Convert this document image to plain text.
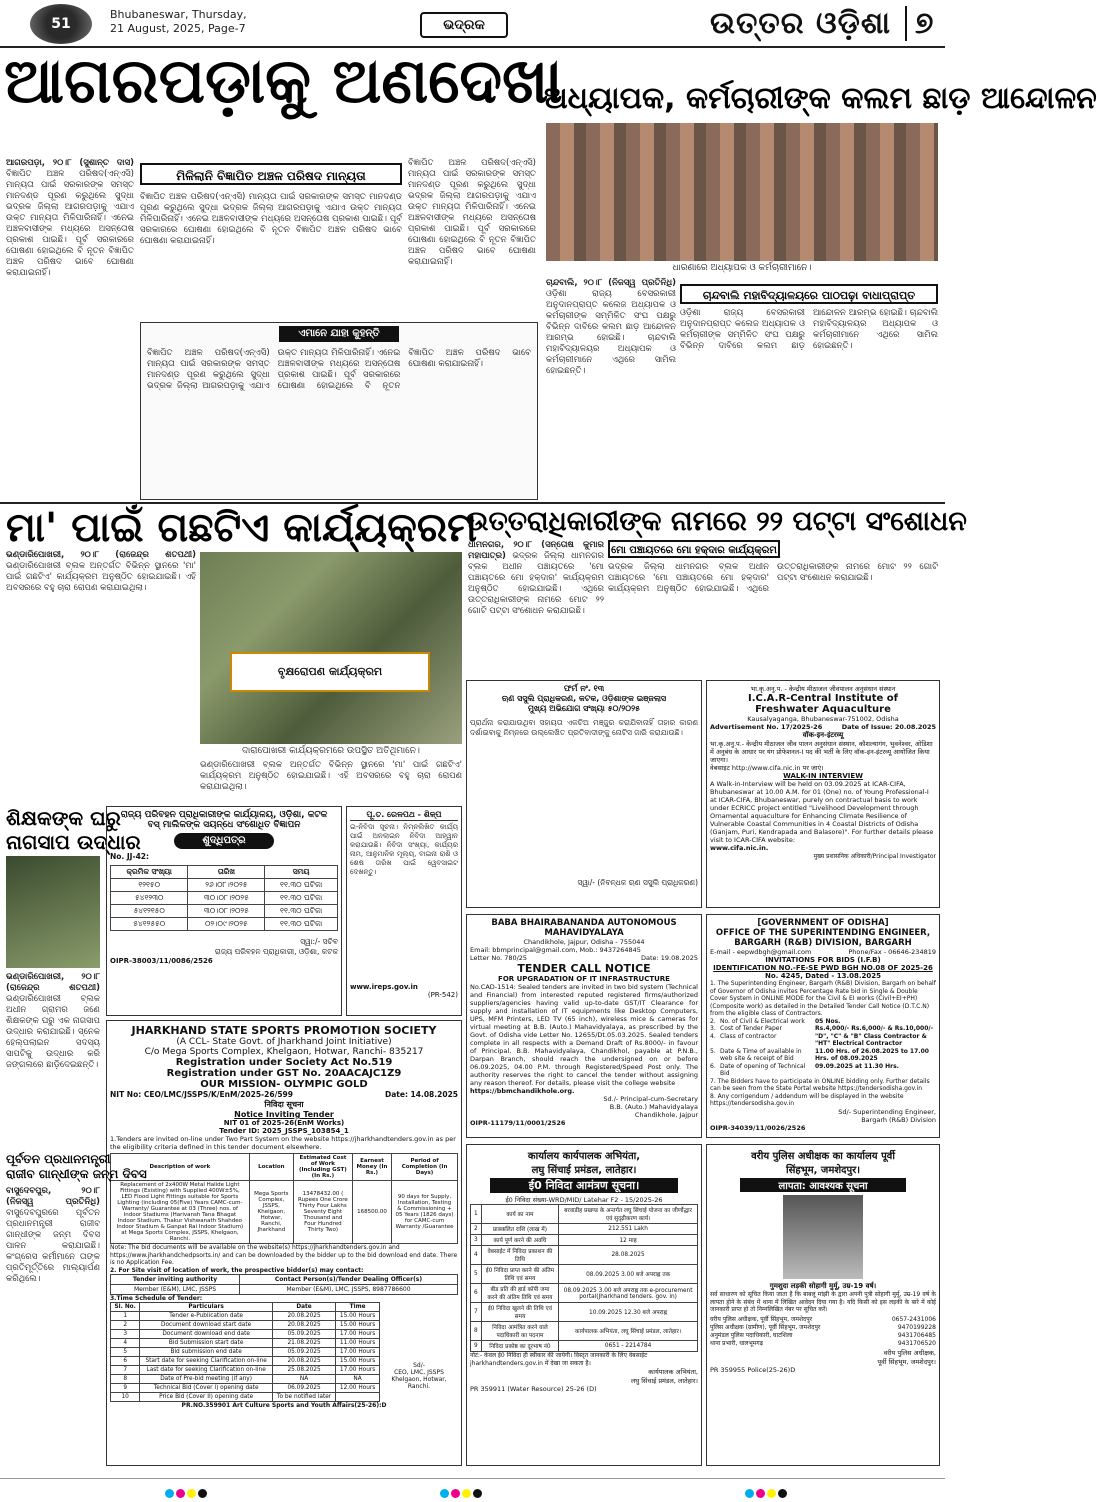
51
Bhubaneswar, Thursday,
21 August, 2025, Page-7	ଭଦ୍ରକ	ଉତ୍ତର ଓଡ଼ିଶା ୭
ବର୍ଷ
ଆଗରପଡ଼ାକୁ ଅଣଦେଖା
ଆଗରପଡ଼ା, ୨୦।୮ (ସୁଶାନ୍ତ ଦାସ) ବିଜ୍ଞାପିତ ଅଞ୍ଚଳ ପରିଷଦ(ଏନ୍‌ଏସି) ମାନ୍ୟତା ପାଇଁ ସରକାରଙ୍କ ସମସ୍ତ ମାନଦଣ୍ଡ ପୂରଣ କରୁଥିଲେ ସୁଦ୍ଧା ଭଦ୍ରକ ଜିଲ୍ଲା ଆଗରପଡ଼ାକୁ ଏଯାଏ ଉକ୍ତ ମାନ୍ୟତା ମିଳିପାରିନାହିଁ। ଏନେଇ ଅଞ୍ଚଳବାସୀଙ୍କ ମଧ୍ୟରେ ଅସନ୍ତୋଷ ପ୍ରକାଶ ପାଇଛି। ପୂର୍ବ ସରକାରରେ ଘୋଷଣା ହୋଇଥିଲେ ବି ନୂତନ ବିଜ୍ଞାପିତ ଅଞ୍ଚଳ ପରିଷଦ ଭାବେ ଘୋଷଣା କରାଯାଇନାହିଁ।
ମିଳିଲାନି ବିଜ୍ଞାପିତ ଅଞ୍ଚଳ ପରିଷଦ ମାନ୍ୟତା
ବିଜ୍ଞାପିତ ଅଞ୍ଚଳ ପରିଷଦ(ଏନ୍‌ଏସି) ମାନ୍ୟତା ପାଇଁ ସରକାରଙ୍କ ସମସ୍ତ ମାନଦଣ୍ଡ ପୂରଣ କରୁଥିଲେ ସୁଦ୍ଧା ଭଦ୍ରକ ଜିଲ୍ଲା ଆଗରପଡ଼ାକୁ ଏଯାଏ ଉକ୍ତ ମାନ୍ୟତା ମିଳିପାରିନାହିଁ। ଏନେଇ ଅଞ୍ଚଳବାସୀଙ୍କ ମଧ୍ୟରେ ଅସନ୍ତୋଷ ପ୍ରକାଶ ପାଇଛି। ପୂର୍ବ ସରକାରରେ ଘୋଷଣା ହୋଇଥିଲେ ବି ନୂତନ ବିଜ୍ଞାପିତ ଅଞ୍ଚଳ ପରିଷଦ ଭାବେ ଘୋଷଣା କରାଯାଇନାହିଁ।
ବିଜ୍ଞାପିତ ଅଞ୍ଚଳ ପରିଷଦ(ଏନ୍‌ଏସି) ମାନ୍ୟତା ପାଇଁ ସରକାରଙ୍କ ସମସ୍ତ ମାନଦଣ୍ଡ ପୂରଣ କରୁଥିଲେ ସୁଦ୍ଧା ଭଦ୍ରକ ଜିଲ୍ଲା ଆଗରପଡ଼ାକୁ ଏଯାଏ ଉକ୍ତ ମାନ୍ୟତା ମିଳିପାରିନାହିଁ। ଏନେଇ ଅଞ୍ଚଳବାସୀଙ୍କ ମଧ୍ୟରେ ଅସନ୍ତୋଷ ପ୍ରକାଶ ପାଇଛି। ପୂର୍ବ ସରକାରରେ ଘୋଷଣା ହୋଇଥିଲେ ବି ନୂତନ ବିଜ୍ଞାପିତ ଅଞ୍ଚଳ ପରିଷଦ ଭାବେ ଘୋଷଣା କରାଯାଇନାହିଁ।
ଏମାନେ ଯାହା କୁହନ୍ତି
ବିଜ୍ଞାପିତ ଅଞ୍ଚଳ ପରିଷଦ(ଏନ୍‌ଏସି) ମାନ୍ୟତା ପାଇଁ ସରକାରଙ୍କ ସମସ୍ତ ମାନଦଣ୍ଡ ପୂରଣ କରୁଥିଲେ ସୁଦ୍ଧା ଭଦ୍ରକ ଜିଲ୍ଲା ଆଗରପଡ଼ାକୁ ଏଯାଏ ଉକ୍ତ ମାନ୍ୟତା ମିଳିପାରିନାହିଁ। ଏନେଇ ଅଞ୍ଚଳବାସୀଙ୍କ ମଧ୍ୟରେ ଅସନ୍ତୋଷ ପ୍ରକାଶ ପାଇଛି। ପୂର୍ବ ସରକାରରେ ଘୋଷଣା ହୋଇଥିଲେ ବି ନୂତନ ବିଜ୍ଞାପିତ ଅଞ୍ଚଳ ପରିଷଦ ଭାବେ ଘୋଷଣା କରାଯାଇନାହିଁ।
ଅଧ୍ୟାପକ, କର୍ମଚାରୀଙ୍କ କଲମ ଛାଡ଼ ଆନ୍ଦୋଳନ
ଧାରଣାରେ ଅଧ୍ୟାପକ ଓ କର୍ମଚାରୀମାନେ।
ଚାନ୍ଦବାଲି, ୨୦।୮ (ନିଜସ୍ୱ ପ୍ରତିନିଧି) ଓଡ଼ିଶା ରାଜ୍ୟ ବେସରକାରୀ ଅନୁଦାନପ୍ରାପ୍ତ କଲେଜ ଅଧ୍ୟାପକ ଓ କର୍ମଚାରୀଙ୍କ ସମ୍ମିଳିତ ସଂଘ ପକ୍ଷରୁ ବିଭିନ୍ନ ଦାବିରେ କଲମ ଛାଡ଼ ଆନ୍ଦୋଳନ ଆରମ୍ଭ ହୋଇଛି। ଚାନ୍ଦବାଲି ମହାବିଦ୍ୟାଳୟର ଅଧ୍ୟାପକ ଓ କର୍ମଚାରୀମାନେ ଏଥିରେ ସାମିଲ ହୋଇଛନ୍ତି।
ଚାନ୍ଦବାଲି ମହାବିଦ୍ୟାଳୟରେ ପାଠପଢ଼ା ବାଧାପ୍ରାପ୍ତ
ଓଡ଼ିଶା ରାଜ୍ୟ ବେସରକାରୀ ଅନୁଦାନପ୍ରାପ୍ତ କଲେଜ ଅଧ୍ୟାପକ ଓ କର୍ମଚାରୀଙ୍କ ସମ୍ମିଳିତ ସଂଘ ପକ୍ଷରୁ ବିଭିନ୍ନ ଦାବିରେ କଲମ ଛାଡ଼ ଆନ୍ଦୋଳନ ଆରମ୍ଭ ହୋଇଛି। ଚାନ୍ଦବାଲି ମହାବିଦ୍ୟାଳୟର ଅଧ୍ୟାପକ ଓ କର୍ମଚାରୀମାନେ ଏଥିରେ ସାମିଲ ହୋଇଛନ୍ତି।
ମା' ପାଇଁ ଗଛଟିଏ କାର୍ଯ୍ୟକ୍ରମ
ଭଣ୍ଡାରିପୋଖରୀ, ୨୦।୮ (ରାଜେନ୍ଦ୍ର ଶତପଥୀ) ଭଣ୍ଡାରିପୋଖରୀ ବ୍ଲକ ଅନ୍ତର୍ଗତ ବିଭିନ୍ନ ସ୍ଥାନରେ 'ମା' ପାଇଁ ଗଛଟିଏ' କାର୍ଯ୍ୟକ୍ରମ ଅନୁଷ୍ଠିତ ହୋଇଯାଇଛି। ଏହି ଅବସରରେ ବହୁ ଚାରା ରୋପଣ କରାଯାଇଥିଲା।
ବୃକ୍ଷରୋପଣ କାର୍ଯ୍ୟକ୍ରମ
ଦାରାପୋଖରୀ କାର୍ଯ୍ୟକ୍ରମରେ ଉପସ୍ଥିତ ଅତିଥିମାନେ।
ଭଣ୍ଡାରିପୋଖରୀ ବ୍ଲକ ଅନ୍ତର୍ଗତ ବିଭିନ୍ନ ସ୍ଥାନରେ 'ମା' ପାଇଁ ଗଛଟିଏ' କାର୍ଯ୍ୟକ୍ରମ ଅନୁଷ୍ଠିତ ହୋଇଯାଇଛି। ଏହି ଅବସରରେ ବହୁ ଚାରା ରୋପଣ କରାଯାଇଥିଲା।
ଉତ୍ତରାଧିକାରୀଙ୍କ ନାମରେ ୨୨ ପଟ୍ଟା ସଂଶୋଧନ
ଧାମନଗର, ୨୦।୮ (ସନ୍ତୋଷ କୁମାର ମହାପାତ୍ର) ଭଦ୍ରକ ଜିଲ୍ଲା ଧାମନଗର ବ୍ଲକ ଅଧୀନ ପଞ୍ଚାୟତରେ 'ମୋ ପଞ୍ଚାୟତରେ ମୋ ହକ୍‌ଦାର' କାର୍ଯ୍ୟକ୍ରମ ଅନୁଷ୍ଠିତ ହୋଇଯାଇଛି। ଏଥିରେ ଉତ୍ତରାଧିକାରୀଙ୍କ ନାମରେ ମୋଟ ୨୨ ଗୋଟି ପଟ୍ଟା ସଂଶୋଧନ କରାଯାଇଛି।
ମୋ ପଞ୍ଚାୟତରେ ମୋ ହକ୍‌ଦାର କାର୍ଯ୍ୟକ୍ରମ
ଭଦ୍ରକ ଜିଲ୍ଲା ଧାମନଗର ବ୍ଲକ ଅଧୀନ ପଞ୍ଚାୟତରେ 'ମୋ ପଞ୍ଚାୟତରେ ମୋ ହକ୍‌ଦାର' କାର୍ଯ୍ୟକ୍ରମ ଅନୁଷ୍ଠିତ ହୋଇଯାଇଛି। ଏଥିରେ ଉତ୍ତରାଧିକାରୀଙ୍କ ନାମରେ ମୋଟ ୨୨ ଗୋଟି ପଟ୍ଟା ସଂଶୋଧନ କରାଯାଇଛି।
ଫର୍ମ ନଂ. ୧୩
ଋଣ ସସୁଲି ପ୍ରାଧିକରଣ, କଟକ, ଓଡ଼ିଶାଙ୍କ ଇଞ୍ଜଲାସ
ମୁଖ୍ୟ ଅଭିଯୋଗ ସଂଖ୍ୟା ୫୦/୨୦୨୫
ପ୍ରାର୍ଥନା କରାଯାଉଥିବା ସହାୟତା ଏକଚିଅ ମଞ୍ଜୁର କରାଯିବାନାହିଁ ତାହାର କାରଣ ଦର୍ଶାଇବାକୁ ନିମ୍ନରେ ଉଲ୍ଲେଖିତ ପ୍ରତିବାଦୀଙ୍କୁ ନୋଟିସ ଜାରି କରାଯାଉଛି।
ସ୍ୱା/- (ନିବନ୍ଧକ ଋଣ ସସୁଲି ପ୍ରାଧିକରଣ)
भा.कृ.अनु.प. - केन्द्रीय मीठाजल जीवपालन अनुसंधान संस्थान
I.C.A.R-Central Institute of
Freshwater Aquaculture
Kausalyaganga, Bhubaneswar-751002, Odisha
Advertisement No. 17/2025-26	Date of Issue: 20.08.2025
वॉक-इन-इंटरव्यू
भा.कृ.अनु.प.- केन्द्रीय मीठाजल जीव पालन अनुसंधान संस्थान, कौशल्यागंग, भुवनेश्वर, ओडिशा में अनुबंध के आधार पर यंग प्रोफेशनल-I पद की भर्ती के लिए वॉक-इन-इंटरव्यू आयोजित किया जाएगा।
वेबसाइट http://www.cifa.nic.in पर जाएं।
WALK-IN INTERVIEW
A Walk-in-Interview will be held on 03.09.2025 at ICAR-CIFA, Bhubaneswar at 10.00 A.M. for 01 (One) no. of Young Professional-I at ICAR-CIFA, Bhubaneswar, purely on contractual basis to work under ECRICC project entitled "Livelihood Development through Ornamental aquaculture for Enhancing Climate Resilience of Vulnerable Coastal Communities in 4 Coastal Districts of Odisha (Ganjam, Puri, Kendrapada and Balasore)". For further details please visit to ICAR-CIFA website:
www.cifa.nic.in.
मुख्य प्रशासनिक अधिकारी/Principal Investigator
ଶିକ୍ଷକଙ୍କ ଘରୁ
ନାଗସାପ ଉଦ୍ଧାର
ଭଣ୍ଡାରିପୋଖରୀ, ୨୦।୮ (ରାଜେନ୍ଦ୍ର ଶତପଥୀ) ଭଣ୍ଡାରିପୋଖରୀ ବ୍ଲକ ଅଧୀନ ଗ୍ରାମର ଜଣେ ଶିକ୍ଷକଙ୍କ ଘରୁ ଏକ ନାଗସାପ ଉଦ୍ଧାର କରାଯାଇଛି। ସ୍ନେକ ହେଲ୍ପଲାଇନ ସଦସ୍ୟ ସାପଟିକୁ ଉଦ୍ଧାର କରି ଜଙ୍ଗଲରେ ଛାଡ଼ିଦେଇଛନ୍ତି।
ରାଜ୍ୟ ପରିବହନ ପ୍ରାଧିକାରୀଙ୍କ କାର୍ଯ୍ୟାଳୟ, ଓଡ଼ିଶା, କଟକ
ବସ୍ ମାଲିକଙ୍କ ସୟନ୍ଧେ ସଂଶୋଧିତ ବିଜ୍ଞାପନ
ଶୁଦ୍ଧିପତ୍ର
No. JJ-42:
କ୍ରମିକ ସଂଖ୍ୟା	ତାରିଖ	ସମୟ
୧୨୧୫୦	୨୬।୦୮।୨୦୨୫	୧୧.୩୦ ଘଟିକା
୫୪୧୨୩୦	୩୦।୦୮।୨୦୨୫	୧୧.୩୦ ଘଟିକା
୫୪୧୨୧୫୦	୩୦।୦୮।୨୦୨୫	୧୧.୩୦ ଘଟିକା
୫୪୧୨୫୫୦	୦୨।୦୯।୨୦୨୫	୧୧.୩୦ ଘଟିକା
ସ୍ୱା:/- ସଚିବ
ରାଜ୍ୟ ପରିବହନ ପ୍ରାଧିକାରୀ, ଓଡ଼ିଶା, କଟକ
OIPR-38003/11/0086/2526
ପୂ.ତ. ରେଳପଥ - ଶିଳ୍ପ
ଇ-ନିବିଦା ସୂଚନା। ନିମ୍ନଲିଖିତ କାର୍ଯ୍ୟ ପାଇଁ ଅନଲାଇନ ନିବିଦା ଆହ୍ୱାନ କରାଯାଉଛି। ନିବିଦା ସଂଖ୍ୟା, କାର୍ଯ୍ୟର ନାମ, ଆନୁମାନିକ ମୂଲ୍ୟ, ବାଇନା ରାଶି ଓ ଶେଷ ତାରିଖ ପାଇଁ ୱେବସାଇଟ ଦେଖନ୍ତୁ।
www.ireps.gov.in
(PR-542)
JHARKHAND STATE SPORTS PROMOTION SOCIETY
(A CCL- State Govt. of Jharkhand Joint Initiative)
C/o Mega Sports Complex, Khelgaon, Hotwar, Ranchi- 835217
Registration under Society Act No.519
Registration under GST No. 20AACAJC1Z9
OUR MISSION- OLYMPIC GOLD
NIT No: CEO/LMC/JSSPS/K/EnM/2025-26/599	Date: 14.08.2025
निविदा सूचना
Notice Inviting Tender
NIT 01 of 2025-26(EnM Works)
Tender ID: 2025_JSSPS_103854_1
1.Tenders are invited on-line under Two Part System on the website https://jharkhandtenders.gov.in as per the eligibility criteria defined in this tender document elsewhere.
Description of work	Location	Estimated Cost of Work (Including GST) (In Rs.)	Earnest Money (In Rs.)	Period of Completion (In Days)
Replacement of 2x400W Metal Halide Light Fittings (Existing) with Supplied 400W±5%, LED Flood Light Fittings suitable for Sports Lighting (including 05(Five) Years CAMC-cum-Warranty/ Guarantee at 03 (Three) nos. of Indoor Stadiums (Harivansh Tana Bhagat Indoor Stadium, Thakur Vishwanath Shahdeo Indoor Stadium & Ganpat Rai Indoor Stadium) at Mega Sports Complex, JSSPS, Khelgaon, Ranchi.	Mega Sports Complex, JSSPS, Khelgaon, Hotwar, Ranchi, Jharkhand	13478432.00 ( Rupees One Crore Thirty Four Lakhs Seventy Eight Thousand and Four Hundred Thirty Two)	168500.00	90 days for Supply, Installation, Testing & Commissioning + 05 Years (1826 days) for CAMC-cum Warranty /Guarantee
Note: The bid documents will be available on the website(s) https://jharkhandtenders.gov.in and https://www.jharkhandchedpsorts.in/ and can be downloaded by the bidder up to the bid download end date. There is no Application Fee.
2. For Site visit of location of work, the prospective bidder(s) may contact:
Tender inviting authority	Contact Person(s)/Tender Dealing Officer(s)
Member (E&M), LMC, JSSPS	Member (E&M), LMC, JSSPS, 8987786600
3.Time Schedule of Tender:
Sl. No.	Particulars	Date	Time
1	Tender e-Publication date	20.08.2025	15.00 Hours
2	Document download start date	20.08.2025	15.00 Hours
3	Document download end date	05.09.2025	17.00 Hours
4	Bid Submission start date	21.08.2025	11.00 Hours
5	Bid submission end date	05.09.2025	17.00 Hours
6	Start date for seeking Clarification on-line	20.08.2025	15.00 Hours
7	Last date for seeking Clarification on-line	25.08.2025	17.00 Hours
8	Date of Pre-bid meeting (if any)	NA	NA
9	Technical Bid (Cover I) opening date	06.09.2025	12.00 Hours
10	Price Bid (Cover II) opening date	To be notified later	
Sd/-
CEO, LMC, JSSPS
Khelgaon, Hotwar, Ranchi.
PR.NO.359901 Art Culture Sports and Youth Affairs(25-26):D
ପୂର୍ବତନ ପ୍ରଧାନମନ୍ତ୍ରୀ
ରାଜୀବ ଗାନ୍ଧୀଙ୍କ ଜନ୍ମ ଦିବସ
ବାସୁଦେବପୁର, ୨୦।୮ (ନିଜସ୍ୱ ପ୍ରତିନିଧି) ବାସୁଦେବପୁରରେ ପୂର୍ବତନ ପ୍ରଧାନମନ୍ତ୍ରୀ ରାଜୀବ ଗାନ୍ଧୀଙ୍କ ଜନ୍ମ ଦିବସ ପାଳନ କରାଯାଇଛି। କଂଗ୍ରେସ କର୍ମୀମାନେ ତାଙ୍କ ପ୍ରତିମୂର୍ତ୍ତିରେ ମାଲ୍ୟାର୍ପଣ କରିଥିଲେ।
BABA BHAIRABANANDA AUTONOMOUS MAHAVIDYALAYA
Chandikhole, Jajpur, Odisha - 755044
Email: bbmprincipal@gmail.com, Mob.: 9437264845
Letter No. 780/25	Date: 19.08.2025
TENDER CALL NOTICE
FOR UPGRADATION OF IT INFRASTRUCTURE
No.CAD-1514: Sealed tenders are invited in two bid system (Technical and Financial) from interested reputed registered firms/authorized suppliers/agencies having valid up-to-date GST/IT Clearance for supply and installation of IT equipments like Desktop Computers, UPS, MFM Printers, LED TV (65 inch), wireless mice & cameras for virtual meeting at B.B. (Auto.) Mahavidyalaya, as prescribed by the Govt. of Odisha vide Letter No. 12655/Dt.05.03.2025. Sealed tenders complete in all respects with a Demand Draft of Rs.8000/- in favour of Principal, B.B. Mahavidyalaya, Chandikhol, payable at P.N.B., Darpan Branch, should reach the undersigned on or before 06.09.2025, 04.00 P.M. through Registered/Speed Post only. The authority reserves the right to cancel the tender without assigning any reason thereof. For details, please visit the college website
https://bbmchandikhole.org.
Sd./- Principal-cum-Secretary
B.B. (Auto.) Mahavidyalaya
Chandikhole, Jajpur
OIPR-11179/11/0001/2526
[GOVERNMENT OF ODISHA]
OFFICE OF THE SUPERINTENDING ENGINEER,
BARGARH (R&B) DIVISION, BARGARH
E-mail - eepwdbgh@gmail.com	Phone/Fax - 06646-234819
INVITATIONS FOR BIDS (I.F.B)
IDENTIFICATION NO.-FE-SE PWD BGH NO.08 OF 2025-26
No. 4245, Dated - 13.08.2025
1. The Superintending Engineer, Bargarh (R&B) Division, Bargarh on behalf of Governor of Odisha invites Percentage Rate bid in Single & Double Cover System in ONLINE MODE for the Civil & EI works (Civil+EI+PH) (Composite work) as detailed in the Detailed Tender Call Notice (D.T.C.N) from the eligible class of Contractors.
2. No. of Civil & Electrical work	05 Nos.
3. Cost of Tender Paper	Rs.4,000/- Rs.6,000/- & Rs.10,000/-
4. Class of contractor	"D", "C" & "B" Class Contractor & "HT" Electrical Contractor
5. Date & Time of available in web site & receipt of Bid
11.00 Hrs. of 26.08.2025 to 17.00 Hrs. of 08.09.2025
6. Date of opening of Technical Bid
09.09.2025 at 11.30 Hrs.
7. The Bidders have to participate in ONLINE bidding only. Further details can be seen from the State Portal website https://tendersodisha.gov.in
8. Any corrigendum / addendum will be displayed in the website https://tendersodisha.gov.in
Sd/- Superintending Engineer,
Bargarh (R&B) Division
OIPR-34039/11/0026/2526
कार्यालय कार्यपालक अभियंता,
लघु सिंचाई प्रमंडल, लातेहार।
ई0 निविदा आमंत्रण सूचना।
ई0 निविदा संख्या-WRD/MID/ Latehar F2 - 15/2025-26
1	कार्य का नाम	बरवाडीह प्रखण्ड के अन्तर्गत लघु सिंचाई योजना का जीर्णोद्धार एवं सुदृढ़ीकरण कार्य।
2	प्राक्कलित राशि (लाख में)	212.551 Lakh
3	कार्य पूर्ण करने की अवधि	12 माह
4	वेबसाईट में निविदा प्रकाशन की तिथि	28.08.2025
5	ई0 निविदा प्राप्त करने की अंतिम तिथि एवं समय	08.09.2025 3.00 बजे अपराह्न तक
6	बीड प्रति की हार्ड कॉपी जमा करने की अंतिम तिथि एवं समय	08.09.2025 3.00 बजे अपराह्न तक e-procurement portal(Jharkhand tenders. gov. in)
7	ई0 निविदा खुलने की तिथि एवं समय	10.09.2025 12.30 बजे अपराह्न
8	निविदा आमंत्रित करने वाले पदाधिकारी का पदनाम	कार्यपालक अभियंता, लघु सिंचाई प्रमंडल, लातेहार।
9	निविदा प्रकोष्ठ का दूरभाष नं0	0651 - 2214784
नोट:- केवल ई0 निविदा ही स्वीकार की जायेगी। विस्तृत जानकारी के लिए वेबसाईट jharkhandtenders.gov.in में देखा जा सकता है।
कार्यपालक अभियंता,
लघु सिंचाई प्रमंडल, लातेहार।
PR 359911 (Water Resource) 25-26 (D)
वरीय पुलिस अधीक्षक का कार्यालय पूर्वी
सिंहभूम, जमशेदपुर।
लापता: आवश्यक सूचना
गुमशुदा लड़की सोहागी मुर्मू, उम्र-19 वर्ष।
सर्व साधारण को सूचित किया जाता है कि बाबलू मांझी के द्वारा अपनी पुत्री सोहागी मुर्मू, उम्र-19 वर्ष के लापता होने के संबंध में थाना में लिखित आवेदन दिया गया है। यदि किसी को इस लड़की के बारे में कोई जानकारी प्राप्त हो तो निम्नलिखित नंबर पर सूचित करें।
वरीय पुलिस अधीक्षक, पूर्वी सिंहभूम, जमशेदपुर	0657-2431006
पुलिस अधीक्षक (ग्रामीण), पूर्वी सिंहभूम, जमशेदपुर	9470199228
अनुमंडल पुलिस पदाधिकारी, घाटशिला	9431706485
थाना प्रभारी, धालभूमगढ़	9431706520
वरीय पुलिस अधीक्षक,
पूर्वी सिंहभूम, जमशेदपुर।
PR 359955 Police(25-26)D
